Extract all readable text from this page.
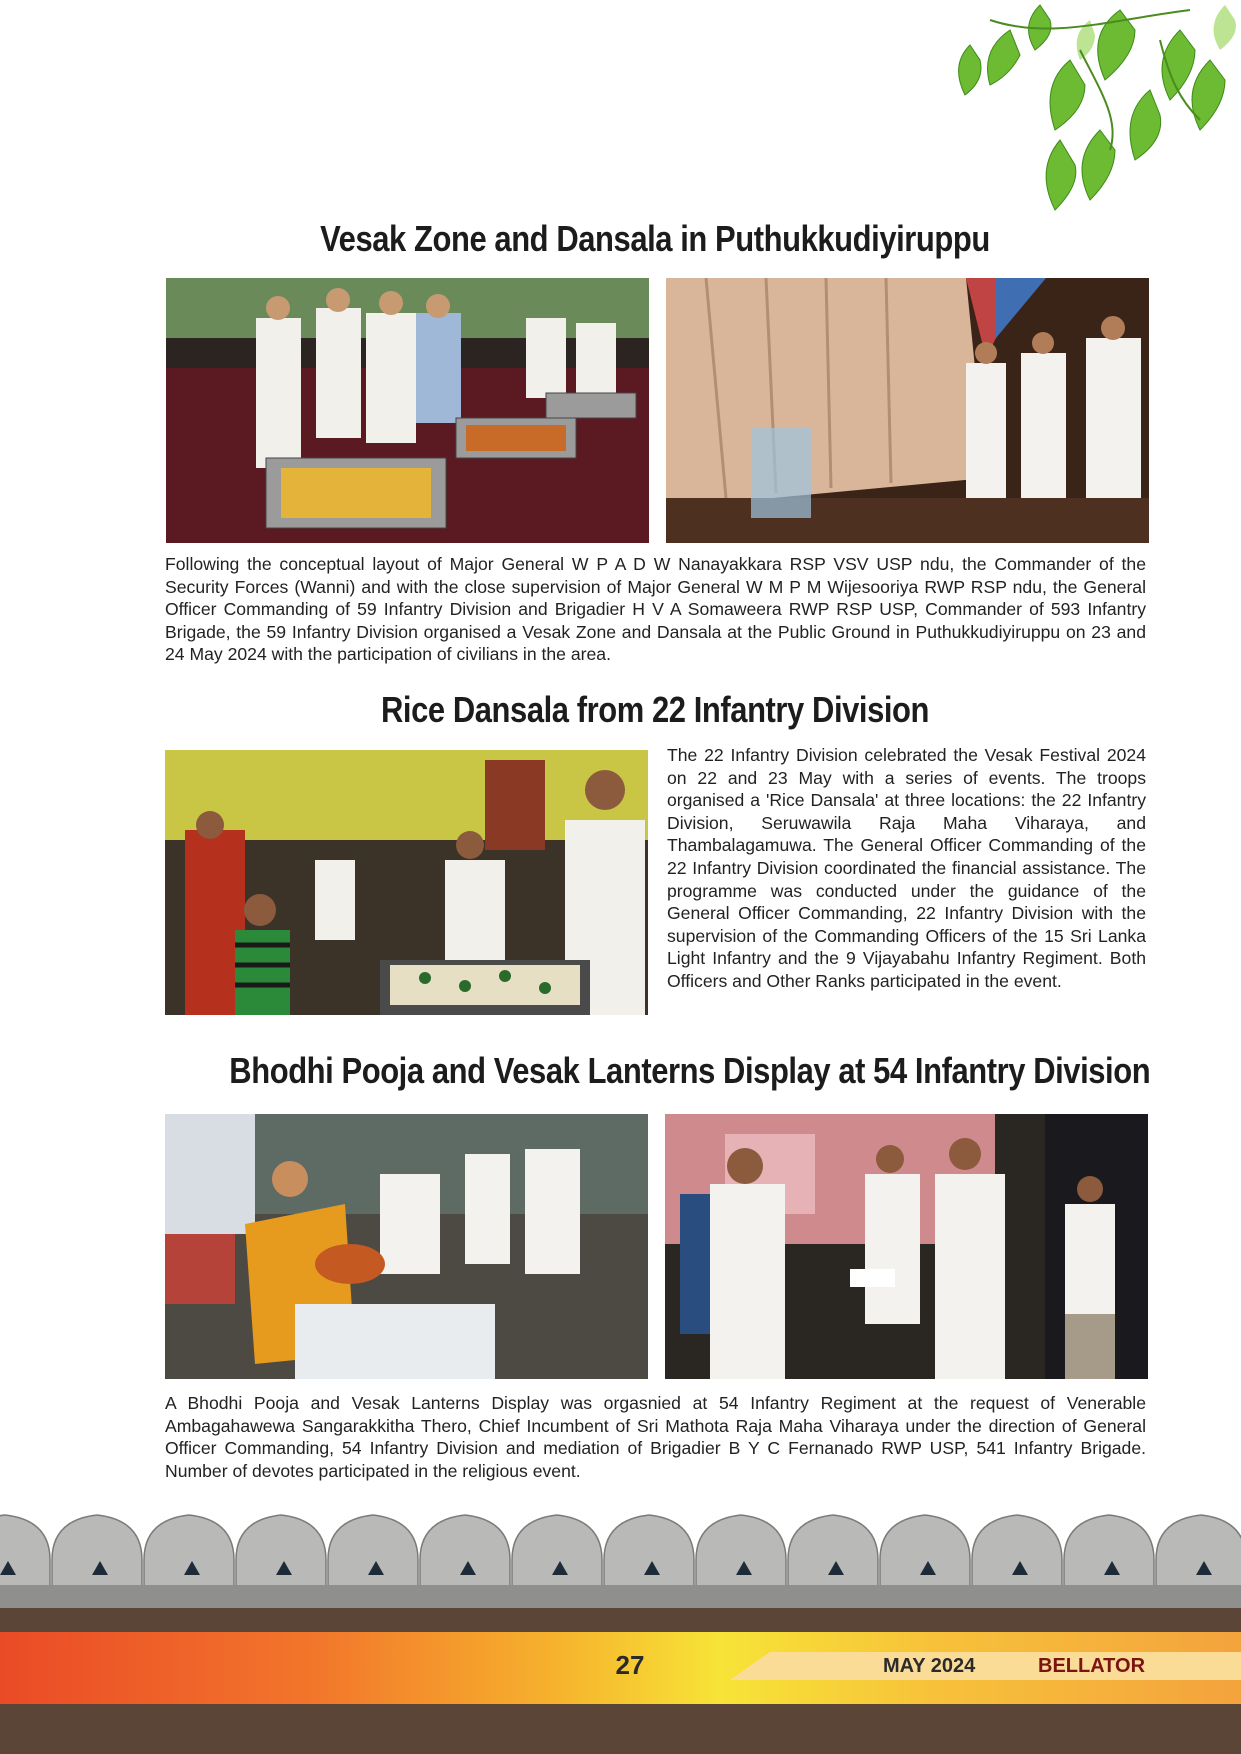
Vesak Zone and Dansala in Puthukkudiyiruppu

Following the conceptual layout of Major General W P A D W Nanayakkara RSP VSV USP ndu, the Commander of the Security Forces (Wanni) and with the close supervision of Major General W M P M Wijesooriya RWP RSP ndu, the General Officer Commanding of 59 Infantry Division and Brigadier H V A Somaweera RWP RSP USP, Commander of 593 Infantry Brigade, the 59 Infantry Division organised a Vesak Zone and Dansala at the Public Ground in Puthukkudiyiruppu on 23 and 24 May 2024 with the participation of civilians in the area.

Rice Dansala from 22 Infantry Division

The 22 Infantry Division celebrated the Vesak Festival 2024 on 22 and 23 May with a series of events. The troops organised a 'Rice Dansala' at three locations: the 22 Infantry Division, Seruwawila Raja Maha Viharaya, and Thambalagamuwa. The General Officer Commanding of the 22 Infantry Division coordinated the financial assistance. The programme was conducted under the guidance of the General Officer Commanding, 22 Infantry Division with the supervision of the Commanding Officers of the 15 Sri Lanka Light Infantry and the 9 Vijayabahu Infantry Regiment. Both Officers and Other Ranks participated in the event.

Bhodhi Pooja and Vesak Lanterns Display at 54 Infantry Division

A Bhodhi Pooja and Vesak Lanterns Display was orgasnied at 54 Infantry Regiment at the request of Venerable Ambagahawewa Sangarakkitha Thero, Chief Incumbent of Sri Mathota Raja Maha Viharaya under the direction of General Officer Commanding, 54 Infantry Division and mediation of Brigadier B Y C Fernanado RWP USP, 541 Infantry Brigade. Number of devotes participated in the religious event.

27	MAY 2024	BELLATOR
